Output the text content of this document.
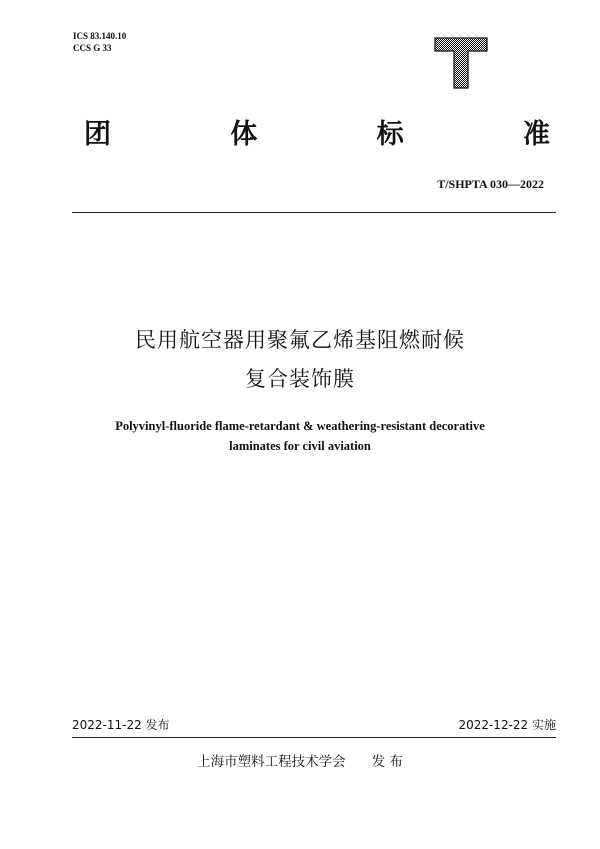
ICS 83.140.10
CCS G 33
团	体	标	准
T/SHPTA 030—2022
民用航空器用聚氟乙烯基阻燃耐候
复合装饰膜
Polyvinyl-fluoride flame-retardant & weathering-resistant decorative
laminates for civil aviation
2022-11-22 发布	2022-12-22 实施
上海市塑料工程技术学会 发 布
